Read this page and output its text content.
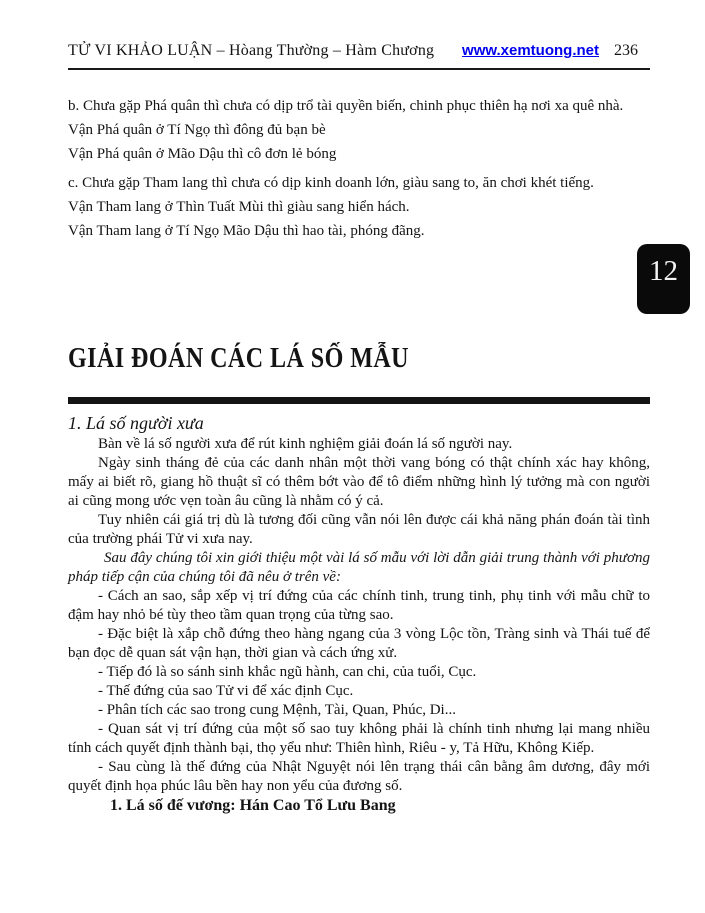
TỬ VI KHẢO LUẬN – Hòang Thường – Hàm Chương www.xemtuong.net 236
b. Chưa gặp Phá quân thì chưa có dịp trổ tài quyền biến, chinh phục thiên hạ nơi xa quê nhà.
Vận Phá quân ở Tí Ngọ thì đông đủ bạn bè
Vận Phá quân ở Mão Dậu thì cô đơn lẻ bóng
c. Chưa gặp Tham lang thì chưa có dịp kinh doanh lớn, giàu sang to, ăn chơi khét tiếng.
Vận Tham lang ở Thìn Tuất Mùi thì giàu sang hiển hách.
Vận Tham lang ở Tí Ngọ Mão Dậu thì hao tài, phóng đãng.
GIẢI ĐOÁN CÁC LÁ SỐ MẪU
1. Lá số người xưa

Bàn về lá số người xưa để rút kinh nghiệm giải đoán lá số người nay.

Ngày sinh tháng đẻ của các danh nhân một thời vang bóng có thật chính xác hay không, mấy ai biết rõ, giang hồ thuật sĩ có thêm bớt vào để tô điểm những hình lý tưởng mà con người ai cũng mong ước vẹn toàn âu cũng là nhằm có ý cả.

Tuy nhiên cái giá trị dù là tương đối cũng vẫn nói lên được cái khả năng phán đoán tài tình của trường phái Tử vi xưa nay.

Sau đây chúng tôi xin giới thiệu một vài lá số mẫu với lời dẫn giải trung thành với phương pháp tiếp cận của chúng tôi đã nêu ở trên về:

- Cách an sao, sắp xếp vị trí đứng của các chính tinh, trung tinh, phụ tinh với mẫu chữ to đậm hay nhỏ bé tùy theo tầm quan trọng của từng sao.

- Đặc biệt là xắp chỗ đứng theo hàng ngang của 3 vòng Lộc tồn, Tràng sinh và Thái tuế để bạn đọc dễ quan sát vận hạn, thời gian và cách ứng xử.

- Tiếp đó là so sánh sinh khắc ngũ hành, can chi, của tuổi, Cục.

- Thế đứng của sao Tử vi để xác định Cục.

- Phân tích các sao trong cung Mệnh, Tài, Quan, Phúc, Di...

- Quan sát vị trí đứng của một số sao tuy không phải là chính tinh nhưng lại mang nhiều tính cách quyết định thành bại, thọ yểu như: Thiên hình, Riêu - y, Tả Hữu, Không Kiếp.

- Sau cùng là thế đứng của Nhật Nguyệt nói lên trạng thái cân bằng âm dương, đây mới quyết định họa phúc lâu bền hay non yểu của đương số.

1. Lá số đế vương: Hán Cao Tổ Lưu Bang

12
